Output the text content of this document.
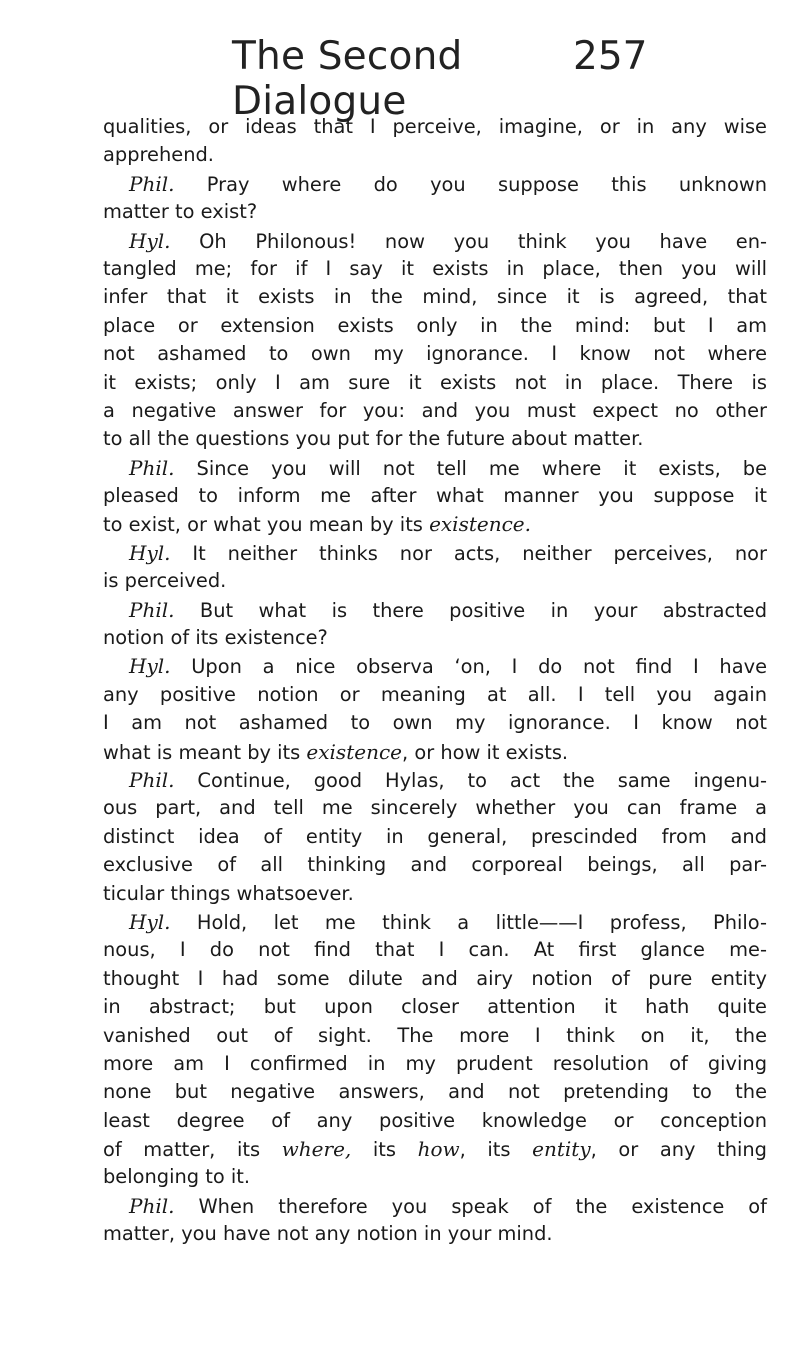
The Second Dialogue
257
qualities, or ideas that I perceive, imagine, or in any wise
apprehend.
Phil. Pray where do you suppose this unknown
matter to exist?
Hyl. Oh Philonous! now you think you have en-
tangled me; for if I say it exists in place, then you will
infer that it exists in the mind, since it is agreed, that
place or extension exists only in the mind: but I am
not ashamed to own my ignorance. I know not where
it exists; only I am sure it exists not in place. There is
a negative answer for you: and you must expect no other
to all the questions you put for the future about matter.
Phil. Since you will not tell me where it exists, be
pleased to inform me after what manner you suppose it
to exist, or what you mean by its existence.
Hyl. It neither thinks nor acts, neither perceives, nor
is perceived.
Phil. But what is there positive in your abstracted
notion of its existence?
Hyl. Upon a nice observa ‘on, I do not find I have
any positive notion or meaning at all. I tell you again
I am not ashamed to own my ignorance. I know not
what is meant by its existence, or how it exists.
Phil. Continue, good Hylas, to act the same ingenu-
ous part, and tell me sincerely whether you can frame a
distinct idea of entity in general, prescinded from and
exclusive of all thinking and corporeal beings, all par-
ticular things whatsoever.
Hyl. Hold, let me think a little——I profess, Philo-
nous, I do not find that I can. At first glance me-
thought I had some dilute and airy notion of pure entity
in abstract; but upon closer attention it hath quite
vanished out of sight. The more I think on it, the
more am I confirmed in my prudent resolution of giving
none but negative answers, and not pretending to the
least degree of any positive knowledge or conception
of matter, its where, its how, its entity, or any thing
belonging to it.
Phil. When therefore you speak of the existence of
matter, you have not any notion in your mind.
